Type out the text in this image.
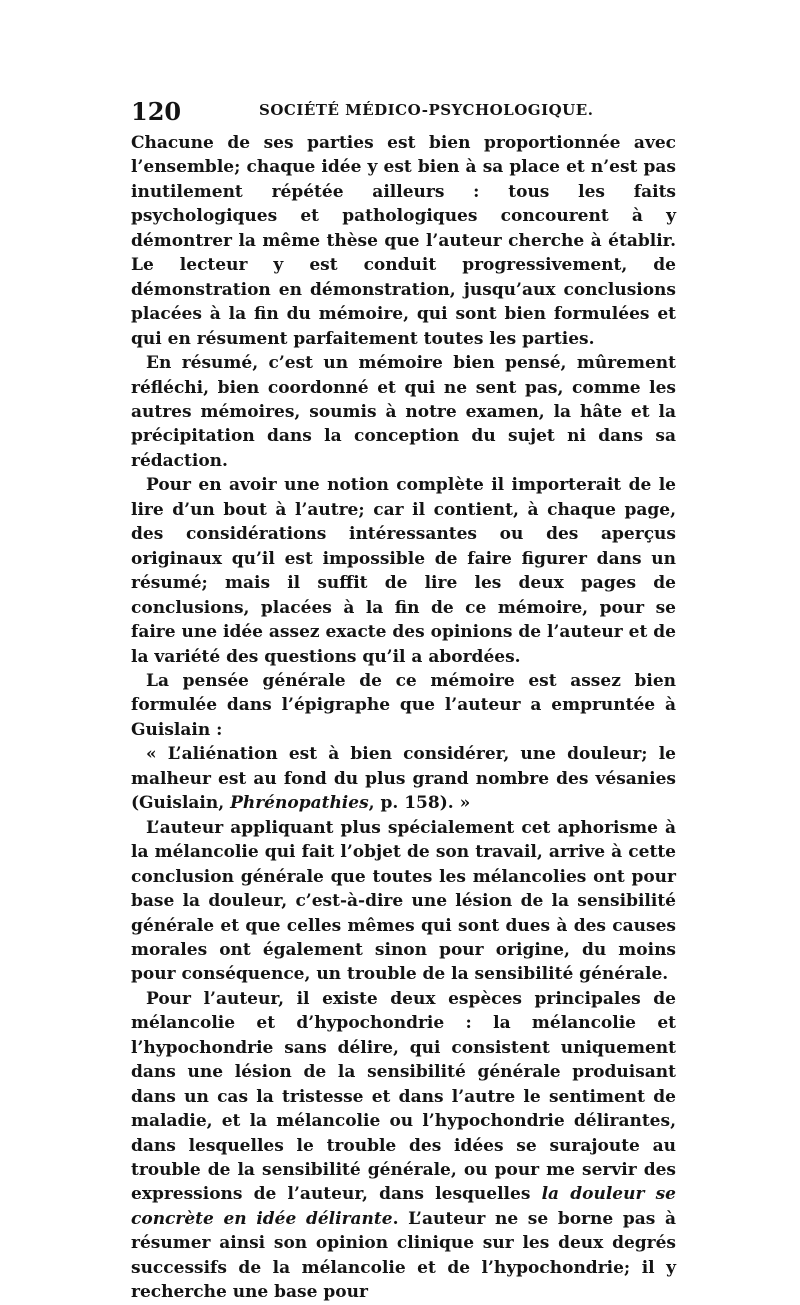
120	SOCIÉTÉ MÉDICO-PSYCHOLOGIQUE.

Chacune de ses parties est bien proportionnée avec l’ensemble; chaque idée y est bien à sa place et n’est pas inutilement répétée ailleurs : tous les faits psychologiques et pathologiques concourent à y démontrer la même thèse que l’auteur cherche à établir. Le lecteur y est conduit progressivement, de démonstration en démonstration, jusqu’aux conclusions placées à la fin du mémoire, qui sont bien formulées et qui en résument parfaitement toutes les parties.

En résumé, c’est un mémoire bien pensé, mûrement réfléchi, bien coordonné et qui ne sent pas, comme les autres mémoires, soumis à notre examen, la hâte et la précipitation dans la conception du sujet ni dans sa rédaction.

Pour en avoir une notion complète il importerait de le lire d’un bout à l’autre; car il contient, à chaque page, des considérations intéressantes ou des aperçus originaux qu’il est impossible de faire figurer dans un résumé; mais il suffit de lire les deux pages de conclusions, placées à la fin de ce mémoire, pour se faire une idée assez exacte des opinions de l’auteur et de la variété des questions qu’il a abordées.

La pensée générale de ce mémoire est assez bien formulée dans l’épigraphe que l’auteur a empruntée à Guislain :

« L’aliénation est à bien considérer, une douleur; le malheur est au fond du plus grand nombre des vésanies (Guislain, Phrénopathies, p. 158). »

L’auteur appliquant plus spécialement cet aphorisme à la mélancolie qui fait l’objet de son travail, arrive à cette conclusion générale que toutes les mélancolies ont pour base la douleur, c’est-à-dire une lésion de la sensibilité générale et que celles mêmes qui sont dues à des causes morales ont également sinon pour origine, du moins pour conséquence, un trouble de la sensibilité générale.

Pour l’auteur, il existe deux espèces principales de mélancolie et d’hypochondrie : la mélancolie et l’hypochondrie sans délire, qui consistent uniquement dans une lésion de la sensibilité générale produisant dans un cas la tristesse et dans l’autre le sentiment de maladie, et la mélancolie ou l’hypochondrie délirantes, dans lesquelles le trouble des idées se surajoute au trouble de la sensibilité générale, ou pour me servir des expressions de l’auteur, dans lesquelles la douleur se concrète en idée délirante. L’auteur ne se borne pas à résumer ainsi son opinion clinique sur les deux degrés successifs de la mélancolie et de l’hypochondrie; il y recherche une base pour
